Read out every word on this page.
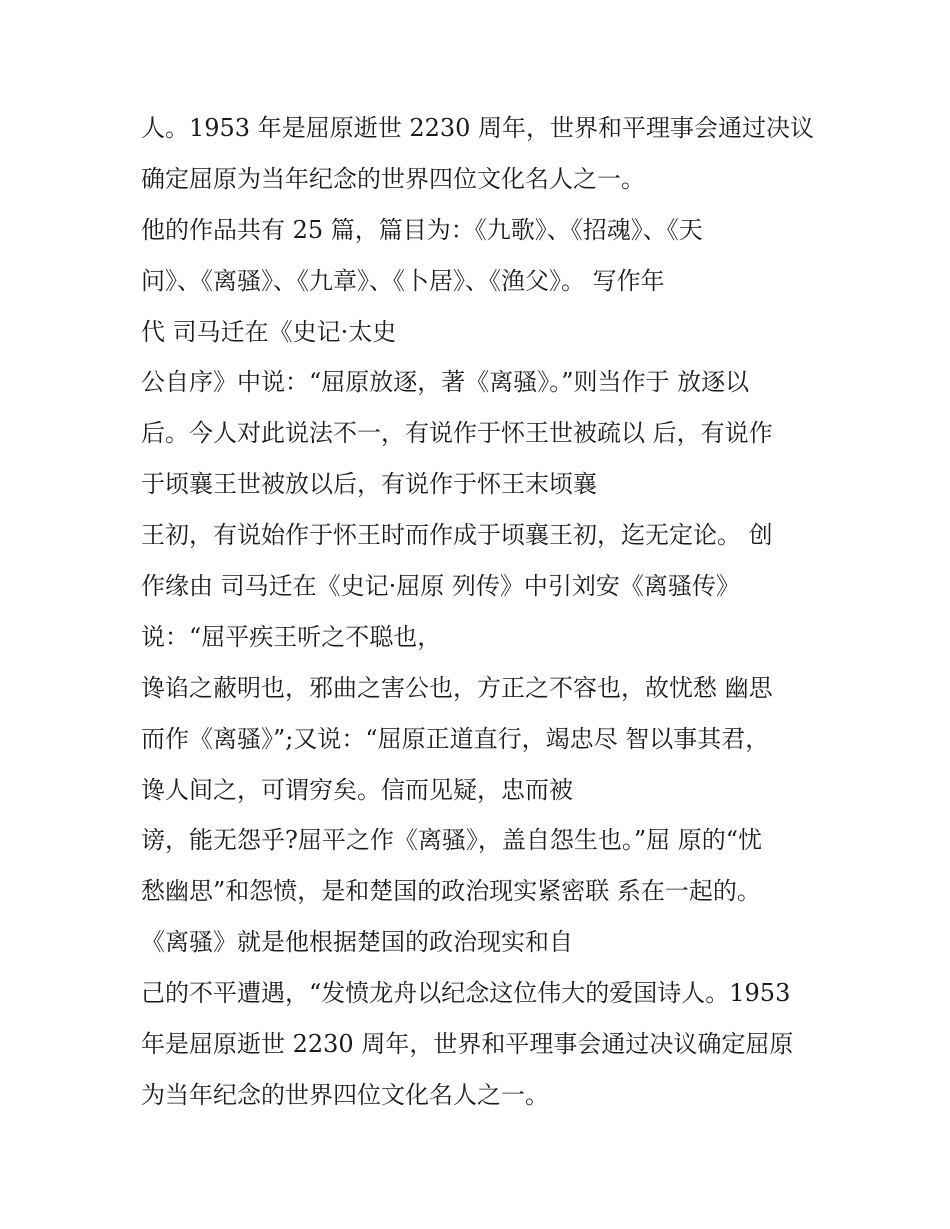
人。1953 年是屈原逝世 2230 周年，世界和平理事会通过决议
确定屈原为当年纪念的世界四位文化名人之一。
他的作品共有 25 篇，篇目为：《九歌》、《招魂》、《天
问》、《离骚》、《九章》、《卜居》、《渔父》。 写作年
代 司马迁在《史记·太史
公自序》中说：“屈原放逐，著《离骚》。”则当作于 放逐以
后。今人对此说法不一，有说作于怀王世被疏以 后，有说作
于顷襄王世被放以后，有说作于怀王末顷襄
王初，有说始作于怀王时而作成于顷襄王初，迄无定论。 创
作缘由 司马迁在《史记·屈原 列传》中引刘安《离骚传》
说：“屈平疾王听之不聪也，
谗谄之蔽明也，邪曲之害公也，方正之不容也，故忧愁 幽思
而作《离骚》”;又说：“屈原正道直行，竭忠尽 智以事其君，
谗人间之，可谓穷矣。信而见疑，忠而被
谤，能无怨乎?屈平之作《离骚》，盖自怨生也。”屈 原的“忧
愁幽思”和怨愤，是和楚国的政治现实紧密联 系在一起的。
《离骚》就是他根据楚国的政治现实和自
己的不平遭遇，“发愤龙舟以纪念这位伟大的爱国诗人。1953
年是屈原逝世 2230 周年，世界和平理事会通过决议确定屈原
为当年纪念的世界四位文化名人之一。
